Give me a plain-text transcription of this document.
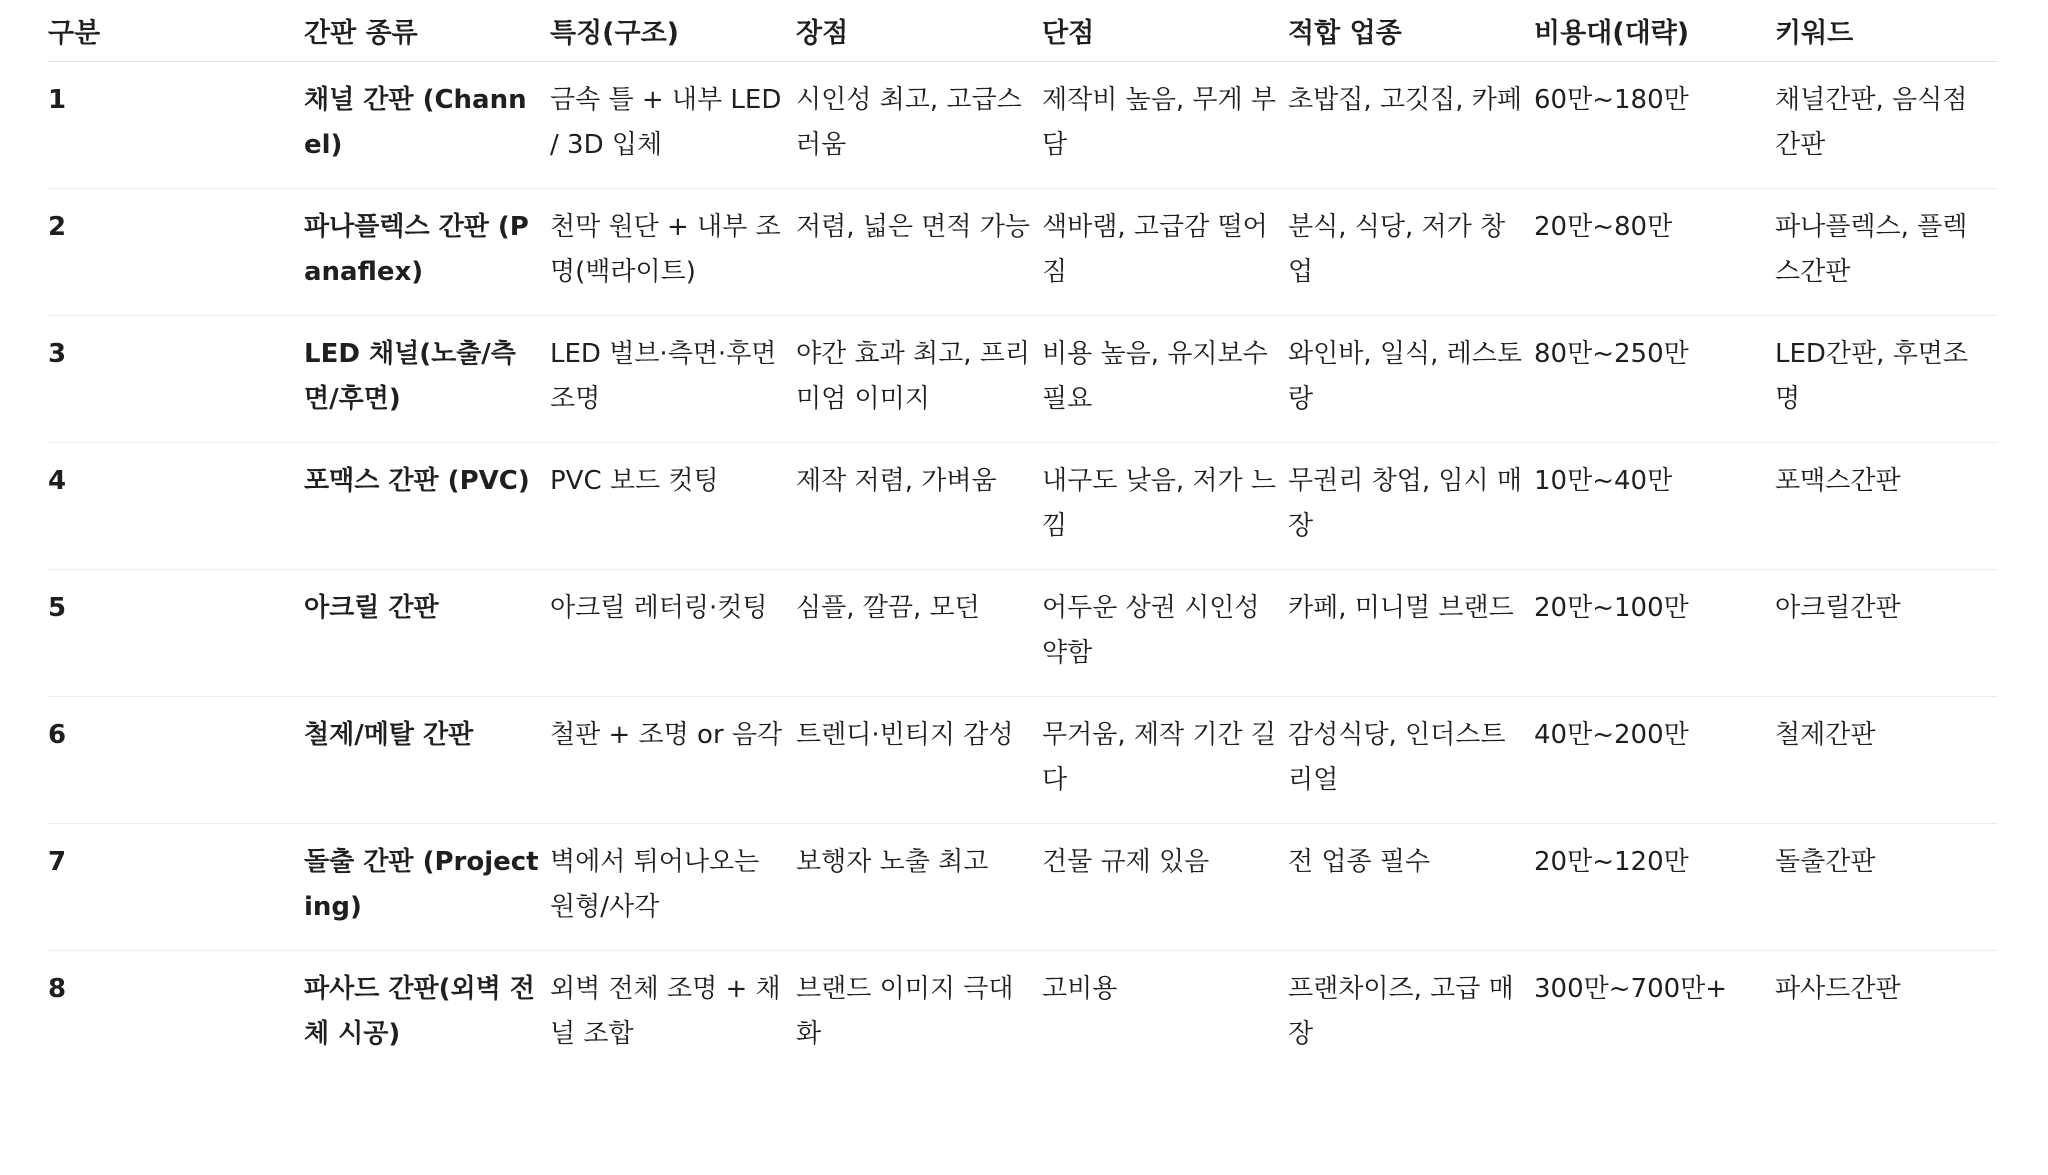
구분	간판 종류	특징(구조)	장점	단점	적합 업종	비용대(대략)	키워드
1	채널 간판 (Channel)	금속 틀 + 내부 LED / 3D 입체	시인성 최고, 고급스러움	제작비 높음, 무게 부담	초밥집, 고깃집, 카페	60만~180만	채널간판, 음식점간판
2	파나플렉스 간판 (Panaflex)	천막 원단 + 내부 조명(백라이트)	저렴, 넓은 면적 가능	색바램, 고급감 떨어짐	분식, 식당, 저가 창업	20만~80만	파나플렉스, 플렉스간판
3	LED 채널(노출/측면/후면)	LED 벌브·측면·후면조명	야간 효과 최고, 프리미엄 이미지	비용 높음, 유지보수 필요	와인바, 일식, 레스토랑	80만~250만	LED간판, 후면조명
4	포맥스 간판 (PVC)	PVC 보드 컷팅	제작 저렴, 가벼움	내구도 낮음, 저가 느낌	무권리 창업, 임시 매장	10만~40만	포맥스간판
5	아크릴 간판	아크릴 레터링·컷팅	심플, 깔끔, 모던	어두운 상권 시인성 약함	카페, 미니멀 브랜드	20만~100만	아크릴간판
6	철제/메탈 간판	철판 + 조명 or 음각	트렌디·빈티지 감성	무거움, 제작 기간 길다	감성식당, 인더스트리얼	40만~200만	철제간판
7	돌출 간판 (Projecting)	벽에서 튀어나오는 원형/사각	보행자 노출 최고	건물 규제 있음	전 업종 필수	20만~120만	돌출간판
8	파사드 간판(외벽 전체 시공)	외벽 전체 조명 + 채널 조합	브랜드 이미지 극대화	고비용	프랜차이즈, 고급 매장	300만~700만+	파사드간판
